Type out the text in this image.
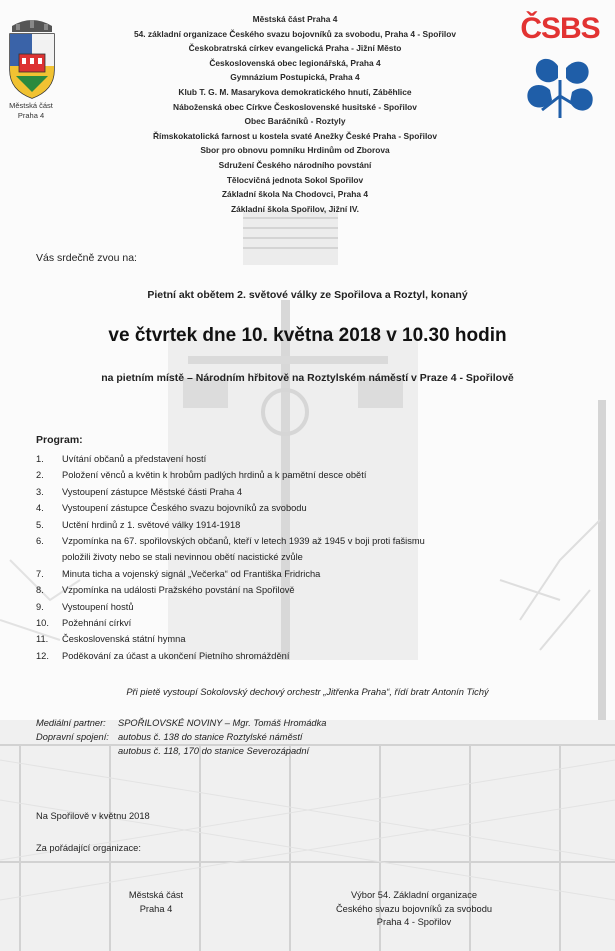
Městská část
Praha 4
Městská část Praha 4
54. základní organizace Českého svazu bojovníků za svobodu, Praha 4 - Spořilov
Českobratrská církev evangelická Praha - Jižní Město
Československá obec legionářská, Praha 4
Gymnázium Postupická, Praha 4
Klub T. G. M. Masarykova demokratického hnutí, Záběhlice
Náboženská obec Církve Československé husitské - Spořilov
Obec Baráčníků - Roztyly
Římskokatolická farnost u kostela svaté Anežky České Praha - Spořilov
Sbor pro obnovu pomníku Hrdinům od Zborova
Sdružení Českého národního povstání
Tělocvičná jednota Sokol Spořilov
Základní škola Na Chodovci, Praha 4
Základní škola Spořilov, Jižní IV.
ČSBS
Vás srdečně zvou na:
Pietní akt obětem 2. světové války ze Spořilova a Roztyl, konaný
ve čtvrtek dne 10. května 2018 v 10.30 hodin
na pietním místě – Národním hřbitově na Roztylském náměstí v Praze 4 - Spořilově
Program:
1.	Uvítání občanů a představení hostí
2.	Položení věnců a květin k hrobům padlých hrdinů a k pamětní desce obětí
3.	Vystoupení zástupce Městské části Praha 4
4.	Vystoupení zástupce Českého svazu bojovníků za svobodu
5.	Uctění hrdinů z 1. světové války 1914-1918
6.	Vzpomínka na 67. spořilovských občanů, kteří v letech 1939 až 1945 v boji proti fašismu
položili životy nebo se stali nevinnou obětí nacistické zvůle
7.	Minuta ticha a vojenský signál „Večerka“ od Františka Fridricha
8.	Vzpomínka na události Pražského povstání na Spořilově
9.	Vystoupení hostů
10.	Požehnání církví
11.	Československá státní hymna
12.	Poděkování za účast a ukončení Pietního shromáždění
Při pietě vystoupí Sokolovský dechový orchestr „Jitřenka Praha“, řídí bratr Antonín Tichý
Mediální partner:	SPOŘILOVSKÉ NOVINY – Mgr. Tomáš Hromádka
Dopravní spojení: autobus č. 138 do stanice Roztylské náměstí
autobus č. 118, 170 do stanice Severozápadní
Na Spořilově v květnu 2018
Za pořádající organizace:
Městská část
Praha 4
Výbor 54. Základní organizace
Českého svazu bojovníků za svobodu
Praha 4 - Spořilov
